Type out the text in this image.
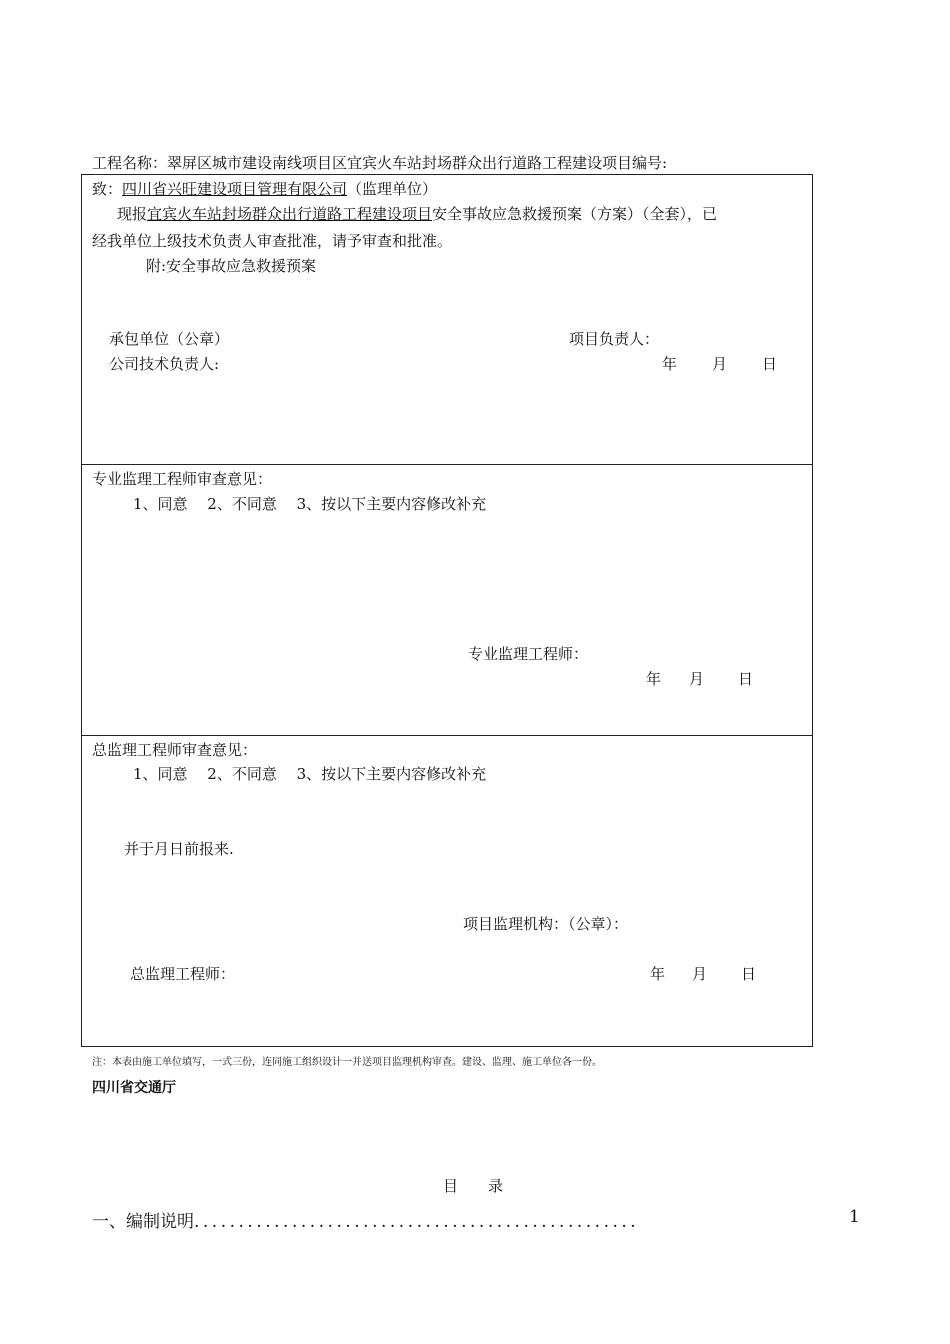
工程名称：翠屏区城市建设南线项目区宜宾火车站封场群众出行道路工程建设项目编号:
致：四川省兴旺建设项目管理有限公司（监理单位）
现报宜宾火车站封场群众出行道路工程建设项目安全事故应急救援预案（方案）（全套），已
经我单位上级技术负责人审查批准，请予审查和批准。
附:安全事故应急救援预案
承包单位（公章）	项目负责人：
公司技术负责人:	年 月 日
专业监理工程师审查意见：
1、同意　 2、不同意　 3、按以下主要内容修改补充
专业监理工程师：
年 月 日
总监理工程师审查意见：
1、同意　 2、不同意　 3、按以下主要内容修改补充
并于月日前报来.
项目监理机构：（公章）：
总监理工程师：	年 月 日
注：本表由施工单位填写，一式三份，连同施工组织设计一并送项目监理机构审查。建设、监理、施工单位各一份。
四川省交通厅
目　　录
一、编制说明..................................................	1
